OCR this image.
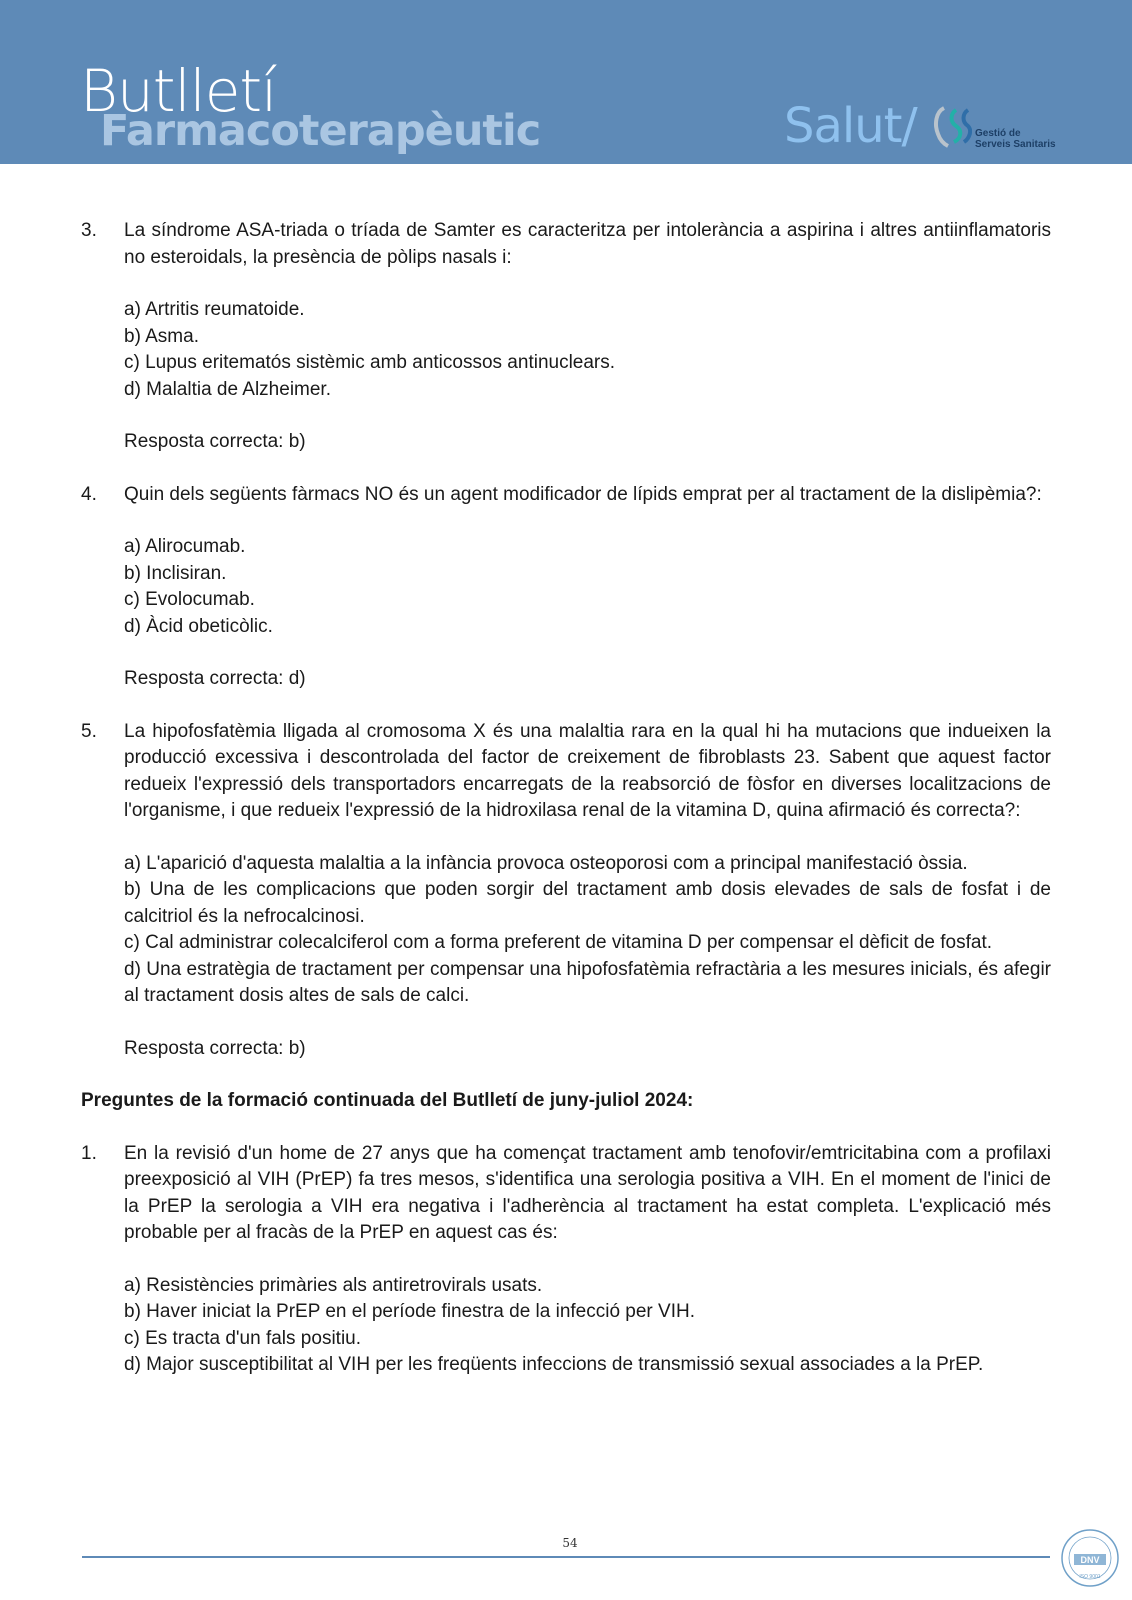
Butlletí
Farmacoterapèutic	Salut/	Gestió de
Serveis Sanitaris
3.	La síndrome ASA-triada o tríada de Samter es caracteritza per intolerància a aspirina i altres antiinflamatoris no esteroidals, la presència de pòlips nasals i:
a) Artritis reumatoide.
b) Asma.
c) Lupus eritematós sistèmic amb anticossos antinuclears.
d) Malaltia de Alzheimer.
Resposta correcta: b)
4.	Quin dels següents fàrmacs NO és un agent modificador de lípids emprat per al tractament de la dislipèmia?:
a) Alirocumab.
b) Inclisiran.
c) Evolocumab.
d) Àcid obeticòlic.
Resposta correcta: d)
5.	La hipofosfatèmia lligada al cromosoma X és una malaltia rara en la qual hi ha mutacions que indueixen la producció excessiva i descontrolada del factor de creixement de fibroblasts 23. Sabent que aquest factor redueix l'expressió dels transportadors encarregats de la reabsorció de fòsfor en diverses localitzacions de l'organisme, i que redueix l'expressió de la hidroxilasa renal de la vitamina D, quina afirmació és correcta?:
a) L'aparició d'aquesta malaltia a la infància provoca osteoporosi com a principal manifestació òssia.
b) Una de les complicacions que poden sorgir del tractament amb dosis elevades de sals de fosfat i de calcitriol és la nefrocalcinosi.
c) Cal administrar colecalciferol com a forma preferent de vitamina D per compensar el dèficit de fosfat.
d) Una estratègia de tractament per compensar una hipofosfatèmia refractària a les mesures inicials, és afegir al tractament dosis altes de sals de calci.
Resposta correcta: b)
Preguntes de la formació continuada del Butlletí de juny-juliol 2024:
1.	En la revisió d'un home de 27 anys que ha començat tractament amb tenofovir/emtricitabina com a profilaxi preexposició al VIH (PrEP) fa tres mesos, s'identifica una serologia positiva a VIH. En el moment de l'inici de la PrEP la serologia a VIH era negativa i l'adherència al tractament ha estat completa. L'explicació més probable per al fracàs de la PrEP en aquest cas és:
a) Resistències primàries als antiretrovirals usats.
b) Haver iniciat la PrEP en el període finestra de la infecció per VIH.
c) Es tracta d'un fals positiu.
d) Major susceptibilitat al VIH per les freqüents infeccions de transmissió sexual associades a la PrEP.
54
DNV
ISO 9001
